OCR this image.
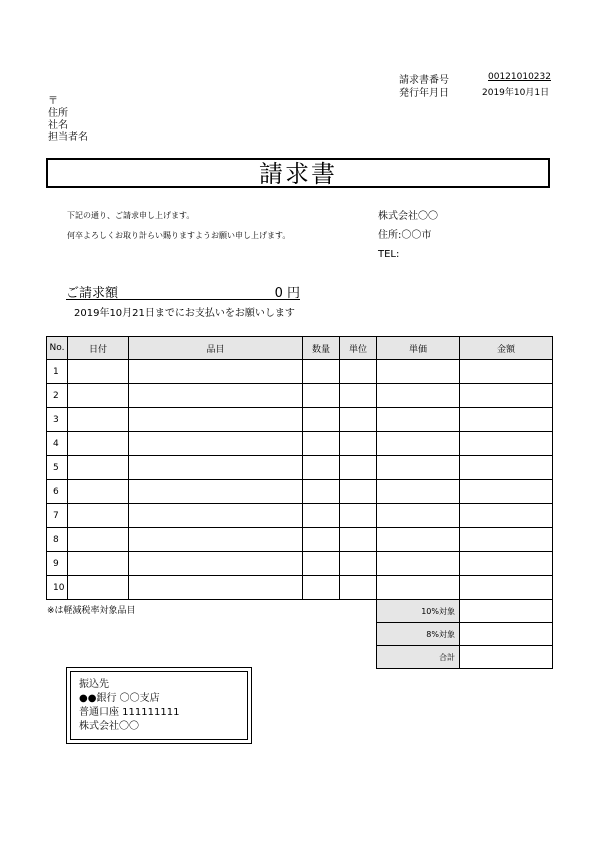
請求書番号	00121010232
発行年月日	2019年10月1日
〒
住所
社名
担当者名
請求書
下記の通り、ご請求申し上げます。
何卒よろしくお取り計らい賜りますようお願い申し上げます。
株式会社〇〇
住所:〇〇市
TEL:
ご請求額	0 円
2019年10月21日までにお支払いをお願いします
No.	日付	品目	数量	単位	単価	金額
1						
2						
3						
4						
5						
6						
7						
8						
9						
10						
※は軽減税率対象品目	10%対象	
8%対象	
合計	
振込先
●●銀行 〇〇支店
普通口座 111111111
株式会社〇〇
